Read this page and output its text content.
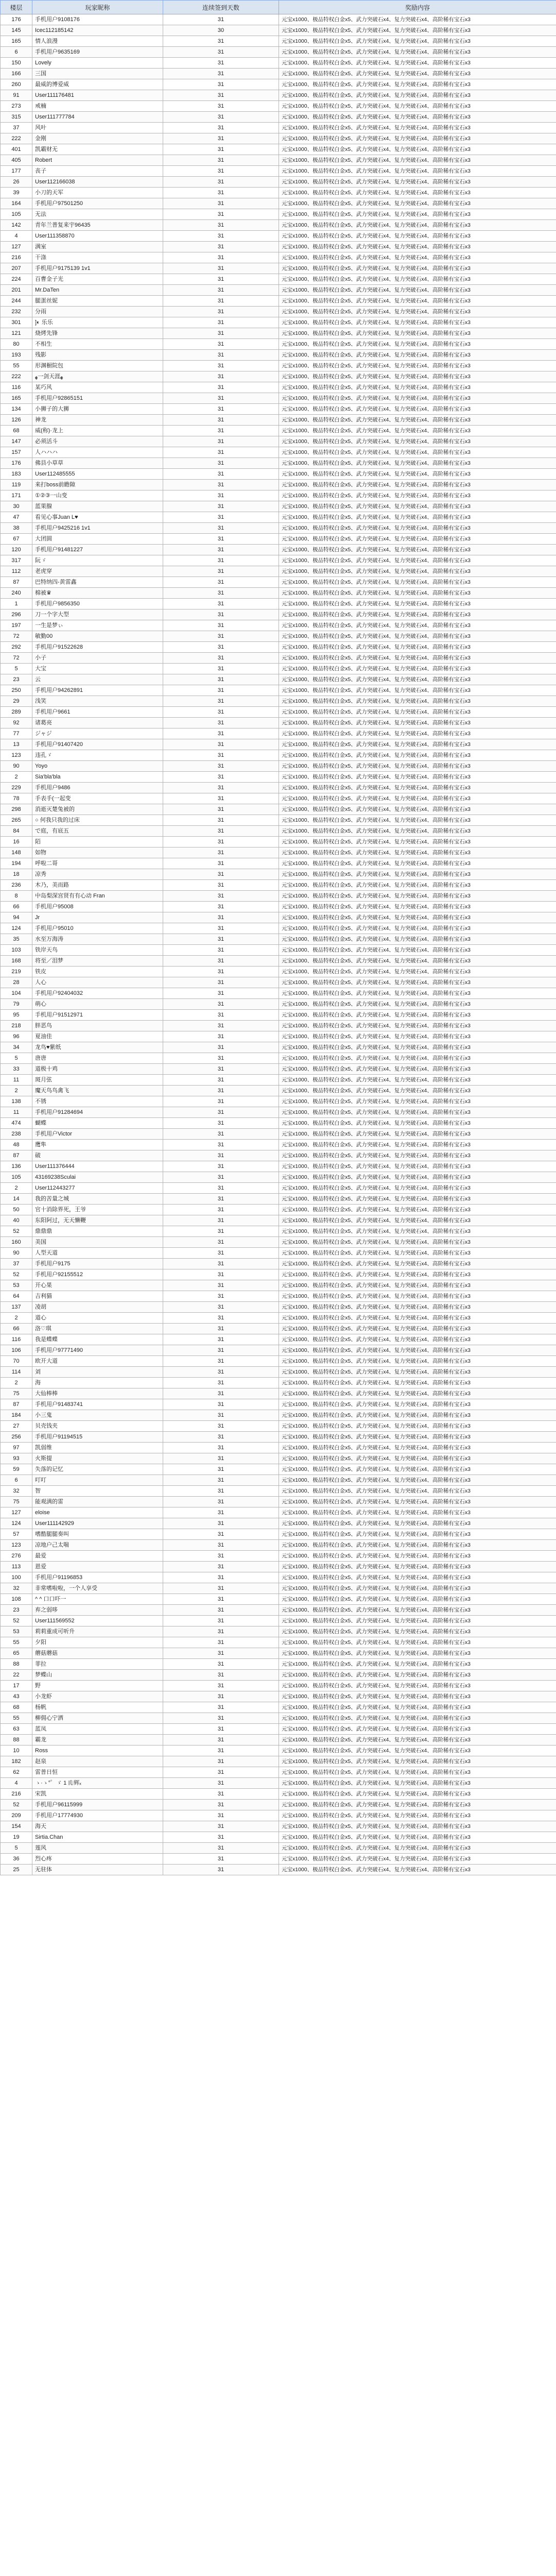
楼层	玩家昵称	连续签到天数	奖励内容
176	手机用户9108176	31	元宝x1000、极品特权白金x5、武力突破石x4、复力突破石x4、高阶稀有宝石x3
145	Icec112185142	30	元宝x1000、极品特权白金x5、武力突破石x4、复力突破石x4、高阶稀有宝石x3
165	情人浪漫	31	元宝x1000、极品特权白金x5、武力突破石x4、复力突破石x4、高阶稀有宝石x3
6	手机用户9635169	31	元宝x1000、极品特权白金x5、武力突破石x4、复力突破石x4、高阶稀有宝石x3
150	Lovely	31	元宝x1000、极品特权白金x5、武力突破石x4、复力突破石x4、高阶稀有宝石x3
166	三国	31	元宝x1000、极品特权白金x5、武力突破石x4、复力突破石x4、高阶稀有宝石x3
260	最威的博爱威	31	元宝x1000、极品特权白金x5、武力突破石x4、复力突破石x4、高阶稀有宝石x3
91	User111176481	31	元宝x1000、极品特权白金x5、武力突破石x4、复力突破石x4、高阶稀有宝石x3
273	戒楠	31	元宝x1000、极品特权白金x5、武力突破石x4、复力突破石x4、高阶稀有宝石x3
315	User111777784	31	元宝x1000、极品特权白金x5、武力突破石x4、复力突破石x4、高阶稀有宝石x3
37	风叶	31	元宝x1000、极品特权白金x5、武力突破石x4、复力突破石x4、高阶稀有宝石x3
222	金刚	31	元宝x1000、极品特权白金x5、武力突破石x4、复力突破石x4、高阶稀有宝石x3
401	凯霸财无	31	元宝x1000、极品特权白金x5、武力突破石x4、复力突破石x4、高阶稀有宝石x3
405	Robert	31	元宝x1000、极品特权白金x5、武力突破石x4、复力突破石x4、高阶稀有宝石x3
177	丧子	31	元宝x1000、极品特权白金x5、武力突破石x4、复力突破石x4、高阶稀有宝石x3
26	User112166038	31	元宝x1000、极品特权白金x5、武力突破石x4、复力突破石x4、高阶稀有宝石x3
39	小刀的天军	31	元宝x1000、极品特权白金x5、武力突破石x4、复力突破石x4、高阶稀有宝石x3
164	手机用户97501250	31	元宝x1000、极品特权白金x5、武力突破石x4、复力突破石x4、高阶稀有宝石x3
105	无法	31	元宝x1000、极品特权白金x5、武力突破石x4、复力突破石x4、高阶稀有宝石x3
142	青年兰普复来宇96435	31	元宝x1000、极品特权白金x5、武力突破石x4、复力突破石x4、高阶稀有宝石x3
4	User111358870	31	元宝x1000、极品特权白金x5、武力突破石x4、复力突破石x4、高阶稀有宝石x3
127	满室	31	元宝x1000、极品特权白金x5、武力突破石x4、复力突破石x4、高阶稀有宝石x3
216	干涤	31	元宝x1000、极品特权白金x5、武力突破石x4、复力突破石x4、高阶稀有宝石x3
207	手机用户9175139 1v1	31	元宝x1000、极品特权白金x5、武力突破石x4、复力突破石x4、高阶稀有宝石x3
224	百曹金子光	31	元宝x1000、极品特权白金x5、武力突破石x4、复力突破石x4、高阶稀有宝石x3
201	Mr.DaTen	31	元宝x1000、极品特权白金x5、武力突破石x4、复力突破石x4、高阶稀有宝石x3
244	腿蛋丝妮	31	元宝x1000、极品特权白金x5、武力突破石x4、复力突破石x4、高阶稀有宝石x3
232	分雨	31	元宝x1000、极品特权白金x5、武力突破石x4、复力突破石x4、高阶稀有宝石x3
301	]◐ 乐乐	31	元宝x1000、极品特权白金x5、武力突破石x4、复力突破石x4、高阶稀有宝石x3
121	烧烤先锋	31	元宝x1000、极品特权白金x5、武力突破石x4、复力突破石x4、高阶稀有宝石x3
80	不相生	31	元宝x1000、极品特权白金x5、武力突破石x4、复力突破石x4、高阶稀有宝石x3
193	残影	31	元宝x1000、极品特权白金x5、武力突破石x4、复力突破石x4、高阶稀有宝石x3
55	形渊橱院包	31	元宝x1000、极品特权白金x5、武力突破石x4、复力突破石x4、高阶稀有宝石x3
222	ﻬ一剑天涯ﻬ	31	元宝x1000、极品特权白金x5、武力突破石x4、复力突破石x4、高阶稀有宝石x3
116	某巧风	31	元宝x1000、极品特权白金x5、武力突破石x4、复力突破石x4、高阶稀有宝石x3
165	手机用户92865151	31	元宝x1000、极品特权白金x5、武力突破石x4、复力突破石x4、高阶稀有宝石x3
134	小狮子的大狮	31	元宝x1000、极品特权白金x5、武力突破石x4、复力突破石x4、高阶稀有宝石x3
126	神龙	31	元宝x1000、极品特权白金x5、武力突破石x4、复力突破石x4、高阶稀有宝石x3
68	威(称)·龙上	31	元宝x1000、极品特权白金x5、武力突破石x4、复力突破石x4、高阶稀有宝石x3
147	必须活斗	31	元宝x1000、极品特权白金x5、武力突破石x4、复力突破石x4、高阶稀有宝石x3
157	人ハハハ	31	元宝x1000、极品特权白金x5、武力突破石x4、复力突破石x4、高阶稀有宝石x3
176	佛县小草草	31	元宝x1000、极品特权白金x5、武力突破石x4、复力突破石x4、高阶稀有宝石x3
183	User112485555	31	元宝x1000、极品特权白金x5、武力突破石x4、复力突破石x4、高阶稀有宝石x3
119	来打boss前瞻隙	31	元宝x1000、极品特权白金x5、武力突破石x4、复力突破石x4、高阶稀有宝石x3
171	①②③一山变	31	元宝x1000、极品特权白金x5、武力突破石x4、复力突破石x4、高阶稀有宝石x3
30	蓝果腺	31	元宝x1000、极品特权白金x5、武力突破石x4、复力突破石x4、高阶稀有宝石x3
47	看见心事Juan L♥	31	元宝x1000、极品特权白金x5、武力突破石x4、复力突破石x4、高阶稀有宝石x3
38	手机用户9425216 1v1	31	元宝x1000、极品特权白金x5、武力突破石x4、复力突破石x4、高阶稀有宝石x3
67	大团圆	31	元宝x1000、极品特权白金x5、武力突破石x4、复力突破石x4、高阶稀有宝石x3
120	手机用户91481227	31	元宝x1000、极品特权白金x5、武力突破石x4、复力突破石x4、高阶稀有宝石x3
317	阮ゞ	31	元宝x1000、极品特权白金x5、武力突破石x4、复力突破石x4、高阶稀有宝石x3
112	老虎穿	31	元宝x1000、极品特权白金x5、武力突破石x4、复力突破石x4、高阶稀有宝石x3
87	巴特纳四-黄雷鑫	31	元宝x1000、极品特权白金x5、武力突破石x4、复力突破石x4、高阶稀有宝石x3
240	棉被♛	31	元宝x1000、极品特权白金x5、武力突破石x4、复力突破石x4、高阶稀有宝石x3
1	手机用户9856350	31	元宝x1000、极品特权白金x5、武力突破石x4、复力突破石x4、高阶稀有宝石x3
296	刀一个字大型	31	元宝x1000、极品特权白金x5、武力突破石x4、复力突破石x4、高阶稀有宝石x3
197	一生是梦ぃ	31	元宝x1000、极品特权白金x5、武力突破石x4、复力突破石x4、高阶稀有宝石x3
72	敏勤00	31	元宝x1000、极品特权白金x5、武力突破石x4、复力突破石x4、高阶稀有宝石x3
292	手机用户91522628	31	元宝x1000、极品特权白金x5、武力突破石x4、复力突破石x4、高阶稀有宝石x3
72	小子	31	元宝x1000、极品特权白金x5、武力突破石x4、复力突破石x4、高阶稀有宝石x3
5	大宝	31	元宝x1000、极品特权白金x5、武力突破石x4、复力突破石x4、高阶稀有宝石x3
23	云	31	元宝x1000、极品特权白金x5、武力突破石x4、复力突破石x4、高阶稀有宝石x3
250	手机用户94262891	31	元宝x1000、极品特权白金x5、武力突破石x4、复力突破石x4、高阶稀有宝石x3
29	浅笑	31	元宝x1000、极品特权白金x5、武力突破石x4、复力突破石x4、高阶稀有宝石x3
289	手机用户9661	31	元宝x1000、极品特权白金x5、武力突破石x4、复力突破石x4、高阶稀有宝石x3
92	诸葛亮	31	元宝x1000、极品特权白金x5、武力突破石x4、复力突破石x4、高阶稀有宝石x3
77	ジャジ	31	元宝x1000、极品特权白金x5、武力突破石x4、复力突破石x4、高阶稀有宝石x3
13	手机用户91407420	31	元宝x1000、极品特权白金x5、武力突破石x4、复力突破石x4、高阶稀有宝石x3
123	违孔ゞ	31	元宝x1000、极品特权白金x5、武力突破石x4、复力突破石x4、高阶稀有宝石x3
90	Yoyo	31	元宝x1000、极品特权白金x5、武力突破石x4、复力突破石x4、高阶稀有宝石x3
2	Sia'bla'bla	31	元宝x1000、极品特权白金x5、武力突破石x4、复力突破石x4、高阶稀有宝石x3
229	手机用户9486	31	元宝x1000、极品特权白金x5、武力突破石x4、复力突破石x4、高阶稀有宝石x3
78	手表手(一起变	31	元宝x1000、极品特权白金x5、武力突破石x4、复力突破石x4、高阶稀有宝石x3
298	消逝灭楚兔被的	31	元宝x1000、极品特权白金x5、武力突破石x4、复力突破石x4、高阶稀有宝石x3
265	○ 何我只我的过床	31	元宝x1000、极品特权白金x5、武力突破石x4、复力突破石x4、高阶稀有宝石x3
84	で庭，有底五	31	元宝x1000、极品特权白金x5、武力突破石x4、复力突破石x4、高阶稀有宝石x3
16	陌	31	元宝x1000、极品特权白金x5、武力突破石x4、复力突破石x4、高阶稀有宝石x3
148	如物	31	元宝x1000、极品特权白金x5、武力突破石x4、复力突破石x4、高阶稀有宝石x3
194	呼啦二哥	31	元宝x1000、极品特权白金x5、武力突破石x4、复力突破石x4、高阶稀有宝石x3
18	凉秀	31	元宝x1000、极品特权白金x5、武力突破石x4、复力突破石x4、高阶稀有宝石x3
236	木乃，美而路	31	元宝x1000、极品特权白金x5、武力突破石x4、复力突破石x4、高阶稀有宝石x3
8	中岛梨深宫贤有有心动 Fran	31	元宝x1000、极品特权白金x5、武力突破石x4、复力突破石x4、高阶稀有宝石x3
66	手机用户95008	31	元宝x1000、极品特权白金x5、武力突破石x4、复力突破石x4、高阶稀有宝石x3
94	Jr	31	元宝x1000、极品特权白金x5、武力突破石x4、复力突破石x4、高阶稀有宝石x3
124	手机用户95010	31	元宝x1000、极品特权白金x5、武力突破石x4、复力突破石x4、高阶稀有宝石x3
35	水至万海涛	31	元宝x1000、极品特权白金x5、武力突破石x4、复力突破石x4、高阶稀有宝石x3
103	铁岸天鸟	31	元宝x1000、极品特权白金x5、武力突破石x4、复力突破石x4、高阶稀有宝石x3
168	将至／泪梦	31	元宝x1000、极品特权白金x5、武力突破石x4、复力突破石x4、高阶稀有宝石x3
219	铁皮	31	元宝x1000、极品特权白金x5、武力突破石x4、复力突破石x4、高阶稀有宝石x3
28	人心	31	元宝x1000、极品特权白金x5、武力突破石x4、复力突破石x4、高阶稀有宝石x3
104	手机用户92404032	31	元宝x1000、极品特权白金x5、武力突破石x4、复力突破石x4、高阶稀有宝石x3
79	萌心	31	元宝x1000、极品特权白金x5、武力突破石x4、复力突破石x4、高阶稀有宝石x3
95	手机用户91512971	31	元宝x1000、极品特权白金x5、武力突破石x4、复力突破石x4、高阶稀有宝石x3
218	胖恶鸟	31	元宝x1000、极品特权白金x5、武力突破石x4、复力突破石x4、高阶稀有宝石x3
96	夏油佳	31	元宝x1000、极品特权白金x5、武力突破石x4、复力突破石x4、高阶稀有宝石x3
34	龙鸟♥紫纸	31	元宝x1000、极品特权白金x5、武力突破石x4、复力突破石x4、高阶稀有宝石x3
5	唐唐	31	元宝x1000、极品特权白金x5、武力突破石x4、复力突破石x4、高阶稀有宝石x3
33	道极十鸡	31	元宝x1000、极品特权白金x5、武力突破石x4、复力突破石x4、高阶稀有宝石x3
11	斑月弦	31	元宝x1000、极品特权白金x5、武力突破石x4、复力突破石x4、高阶稀有宝石x3
2	魔天鸟鸟禽飞	31	元宝x1000、极品特权白金x5、武力突破石x4、复力突破石x4、高阶稀有宝石x3
138	不锈	31	元宝x1000、极品特权白金x5、武力突破石x4、复力突破石x4、高阶稀有宝石x3
11	手机用户91284694	31	元宝x1000、极品特权白金x5、武力突破石x4、复力突破石x4、高阶稀有宝石x3
474	蝴蝶	31	元宝x1000、极品特权白金x5、武力突破石x4、复力突破石x4、高阶稀有宝石x3
238	手机用户Victor	31	元宝x1000、极品特权白金x5、武力突破石x4、复力突破石x4、高阶稀有宝石x3
48	鹰隼	31	元宝x1000、极品特权白金x5、武力突破石x4、复力突破石x4、高阶稀有宝石x3
87	破	31	元宝x1000、极品特权白金x5、武力突破石x4、复力突破石x4、高阶稀有宝石x3
136	User111376444	31	元宝x1000、极品特权白金x5、武力突破石x4、复力突破石x4、高阶稀有宝石x3
105	43169238Sculai	31	元宝x1000、极品特权白金x5、武力突破石x4、复力突破石x4、高阶稀有宝石x3
2	User112443277	31	元宝x1000、极品特权白金x5、武力突破石x4、复力突破石x4、高阶稀有宝石x3
14	我的苦量之城	31	元宝x1000、极品特权白金x5、武力突破石x4、复力突破石x4、高阶稀有宝石x3
50	官十消除界死，王爷	31	元宝x1000、极品特权白金x5、武力突破石x4、复力突破石x4、高阶稀有宝石x3
40	东阳阿过，无天懒鞭	31	元宝x1000、极品特权白金x5、武力突破石x4、复力突破石x4、高阶稀有宝石x3
52	鼎鼎鼎	31	元宝x1000、极品特权白金x5、武力突破石x4、复力突破石x4、高阶稀有宝石x3
160	美国	31	元宝x1000、极品特权白金x5、武力突破石x4、复力突破石x4、高阶稀有宝石x3
90	人型天道	31	元宝x1000、极品特权白金x5、武力突破石x4、复力突破石x4、高阶稀有宝石x3
37	手机用户9175	31	元宝x1000、极品特权白金x5、武力突破石x4、复力突破石x4、高阶稀有宝石x3
52	手机用户92155512	31	元宝x1000、极品特权白金x5、武力突破石x4、复力突破石x4、高阶稀有宝石x3
53	开心果	31	元宝x1000、极品特权白金x5、武力突破石x4、复力突破石x4、高阶稀有宝石x3
64	吉利猫	31	元宝x1000、极品特权白金x5、武力突破石x4、复力突破石x4、高阶稀有宝石x3
137	凌胡	31	元宝x1000、极品特权白金x5、武力突破石x4、复力突破石x4、高阶稀有宝石x3
2	道心	31	元宝x1000、极品特权白金x5、武力突破石x4、复力突破石x4、高阶稀有宝石x3
66	洛♡琪	31	元宝x1000、极品特权白金x5、武力突破石x4、复力突破石x4、高阶稀有宝石x3
116	我是蝶蝶	31	元宝x1000、极品特权白金x5、武力突破石x4、复力突破石x4、高阶稀有宝石x3
106	手机用户97771490	31	元宝x1000、极品特权白金x5、武力突破石x4、复力突破石x4、高阶稀有宝石x3
70	欧开大道	31	元宝x1000、极品特权白金x5、武力突破石x4、复力突破石x4、高阶稀有宝石x3
114	刘	31	元宝x1000、极品特权白金x5、武力突破石x4、复力突破石x4、高阶稀有宝石x3
2	海	31	元宝x1000、极品特权白金x5、武力突破石x4、复力突破石x4、高阶稀有宝石x3
75	大仙棒棒	31	元宝x1000、极品特权白金x5、武力突破石x4、复力突破石x4、高阶稀有宝石x3
87	手机用户91483741	31	元宝x1000、极品特权白金x5、武力突破石x4、复力突破石x4、高阶稀有宝石x3
184	小三鬼	31	元宝x1000、极品特权白金x5、武力突破石x4、复力突破石x4、高阶稀有宝石x3
27	贝壳钱夹	31	元宝x1000、极品特权白金x5、武力突破石x4、复力突破石x4、高阶稀有宝石x3
256	手机用户91194515	31	元宝x1000、极品特权白金x5、武力突破石x4、复力突破石x4、高阶稀有宝石x3
97	凯弱维	31	元宝x1000、极品特权白金x5、武力突破石x4、复力突破石x4、高阶稀有宝石x3
93	火斯提	31	元宝x1000、极品特权白金x5、武力突破石x4、复力突破石x4、高阶稀有宝石x3
59	失落的记忆	31	元宝x1000、极品特权白金x5、武力突破石x4、复力突破石x4、高阶稀有宝石x3
6	叮叮	31	元宝x1000、极品特权白金x5、武力突破石x4、复力突破石x4、高阶稀有宝石x3
32	智	31	元宝x1000、极品特权白金x5、武力突破石x4、复力突破石x4、高阶稀有宝石x3
75	能观满的雷	31	元宝x1000、极品特权白金x5、武力突破石x4、复力突破石x4、高阶稀有宝石x3
127	eloise	31	元宝x1000、极品特权白金x5、武力突破石x4、复力突破石x4、高阶稀有宝石x3
124	User111142929	31	元宝x1000、极品特权白金x5、武力突破石x4、复力突破石x4、高阶稀有宝石x3
57	嗜酷腿腿奏叫	31	元宝x1000、极品特权白金x5、武力突破石x4、复力突破石x4、高阶稀有宝石x3
123	凉地户己太喘	31	元宝x1000、极品特权白金x5、武力突破石x4、复力突破石x4、高阶稀有宝石x3
276	最爱	31	元宝x1000、极品特权白金x5、武力突破石x4、复力突破石x4、高阶稀有宝石x3
113	恩爱	31	元宝x1000、极品特权白金x5、武力突破石x4、复力突破石x4、高阶稀有宝石x3
100	手机用户91196853	31	元宝x1000、极品特权白金x5、武力突破石x4、复力突破石x4、高阶稀有宝石x3
32	非常嗜啦啦，一个人享受	31	元宝x1000、极品特权白金x5、武力突破石x4、复力突破石x4、高阶稀有宝石x3
108	^ ^ 口口吓一	31	元宝x1000、极品特权白金x5、武力突破石x4、复力突破石x4、高阶稀有宝石x3
23	弃之弱哆	31	元宝x1000、极品特权白金x5、武力突破石x4、复力突破石x4、高阶稀有宝石x3
52	User111569552	31	元宝x1000、极品特权白金x5、武力突破石x4、复力突破石x4、高阶稀有宝石x3
53	莉莉重成可听升	31	元宝x1000、极品特权白金x5、武力突破石x4、复力突破石x4、高阶稀有宝石x3
55	夕阳	31	元宝x1000、极品特权白金x5、武力突破石x4、复力突破石x4、高阶稀有宝石x3
65	蘑菇蘑菇	31	元宝x1000、极品特权白金x5、武力突破石x4、复力突破石x4、高阶稀有宝石x3
88	菲拉	31	元宝x1000、极品特权白金x5、武力突破石x4、复力突破石x4、高阶稀有宝石x3
22	梦蝶山	31	元宝x1000、极品特权白金x5、武力突破石x4、复力突破石x4、高阶稀有宝石x3
17	野	31	元宝x1000、极品特权白金x5、武力突破石x4、复力突破石x4、高阶稀有宝石x3
43	小龙虾	31	元宝x1000、极品特权白金x5、武力突破石x4、复力突破石x4、高阶稀有宝石x3
68	杨帆	31	元宝x1000、极品特权白金x5、武力突破石x4、复力突破石x4、高阶稀有宝石x3
55	柳佣心宁洒	31	元宝x1000、极品特权白金x5、武力突破石x4、复力突破石x4、高阶稀有宝石x3
63	蓝凤	31	元宝x1000、极品特权白金x5、武力突破石x4、复力突破石x4、高阶稀有宝石x3
88	霸龙	31	元宝x1000、极品特权白金x5、武力突破石x4、复力突破石x4、高阶稀有宝石x3
10	Ross	31	元宝x1000、极品特权白金x5、武力突破石x4、复力突破石x4、高阶稀有宝石x3
182	赵泉	31	元宝x1000、极品特权白金x5、武力突破石x4、复力突破石x4、高阶稀有宝石x3
62	雷普日恒	31	元宝x1000、极品特权白金x5、武力突破石x4、复力突破石x4、高阶稀有宝石x3
4	ゝ·ゝ°゜ゞ 1 ㍺辉ₓ	31	元宝x1000、极品特权白金x5、武力突破石x4、复力突破石x4、高阶稀有宝石x3
216	宋凯	31	元宝x1000、极品特权白金x5、武力突破石x4、复力突破石x4、高阶稀有宝石x3
52	手机用户96115999	31	元宝x1000、极品特权白金x5、武力突破石x4、复力突破石x4、高阶稀有宝石x3
209	手机用户17774930	31	元宝x1000、极品特权白金x5、武力突破石x4、复力突破石x4、高阶稀有宝石x3
154	海天	31	元宝x1000、极品特权白金x5、武力突破石x4、复力突破石x4、高阶稀有宝石x3
19	Sirtia.Chan	31	元宝x1000、极品特权白金x5、武力突破石x4、复力突破石x4、高阶稀有宝石x3
5	莲风	31	元宝x1000、极品特权白金x5、武力突破石x4、复力突破石x4、高阶稀有宝石x3
36	烈心疼	31	元宝x1000、极品特权白金x5、武力突破石x4、复力突破石x4、高阶稀有宝石x3
25	无驻体	31	元宝x1000、极品特权白金x5、武力突破石x4、复力突破石x4、高阶稀有宝石x3
